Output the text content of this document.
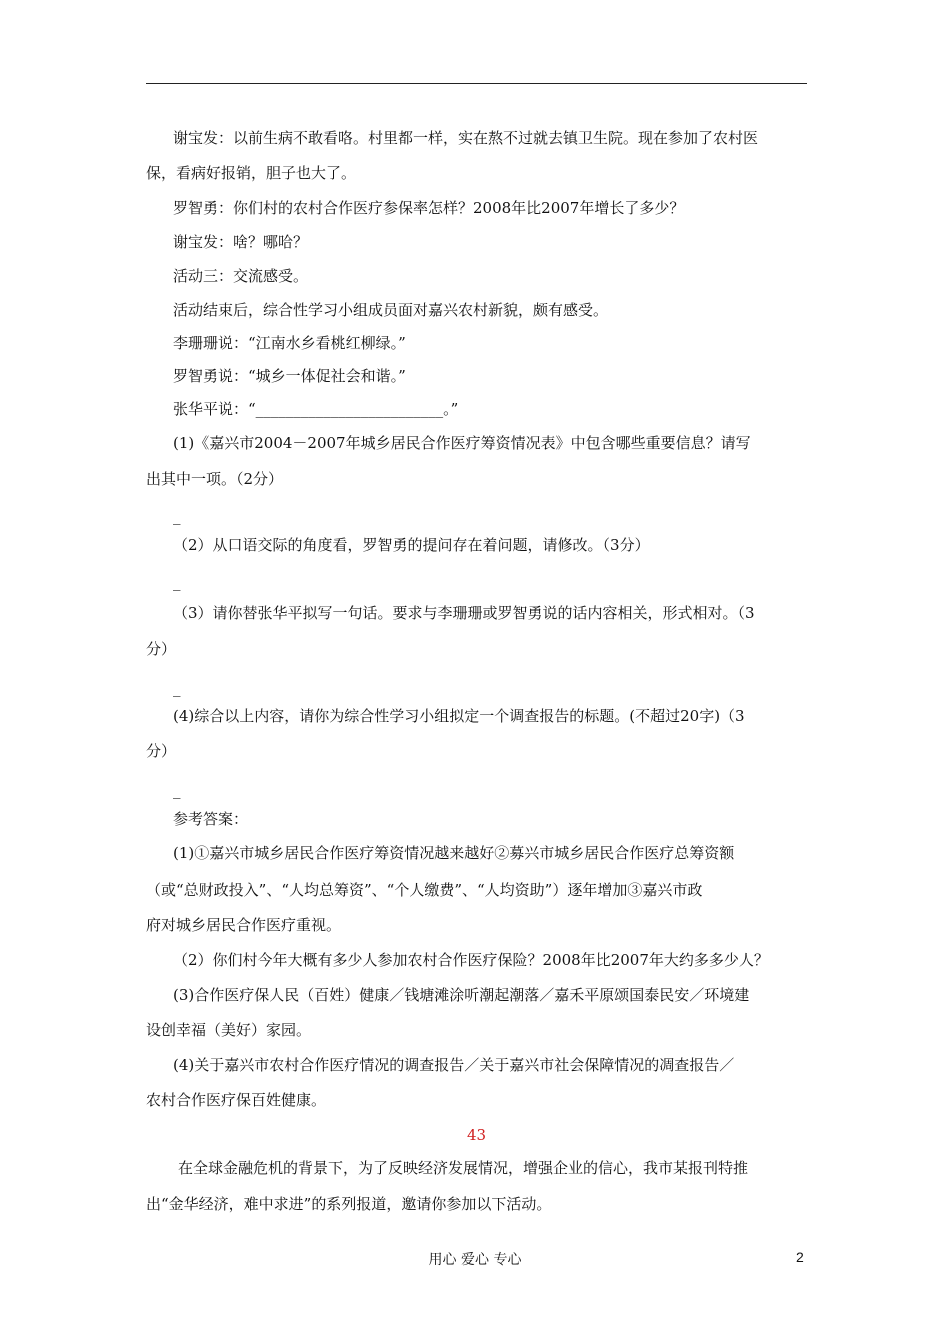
谢宝发：以前生病不敢看咯。村里都一样，实在熬不过就去镇卫生院。现在参加了农村医
保，看病好报销，胆子也大了。
罗智勇：你们村的农村合作医疗参保率怎样？2008年比2007年增长了多少？
谢宝发：啥？哪哈？
活动三：交流感受。
活动结束后，综合性学习小组成员面对嘉兴农村新貌，颇有感受。
李珊珊说：“江南水乡看桃红柳绿。”
罗智勇说：“城乡一体促社会和谐。”
张华平说：“_________________________。”
(1)《嘉兴市2004－2007年城乡居民合作医疗筹资情况表》中包含哪些重要信息？请写
出其中一项。（2分）
_
（2）从口语交际的角度看，罗智勇的提问存在着问题，请修改。（3分）
_
（3）请你替张华平拟写一句话。要求与李珊珊或罗智勇说的话内容相关，形式相对。（3
分）
_
(4)综合以上内容，请你为综合性学习小组拟定一个调查报告的标题。(不超过20字)（3
分）
_
参考答案：
(1)①嘉兴市城乡居民合作医疗筹资情况越来越好②募兴市城乡居民合作医疗总筹资额
（或“总财政投入”、“人均总筹资”、“个人缴费”、“人均资助”）逐年增加③嘉兴市政
府对城乡居民合作医疗重视。
（2）你们村今年大概有多少人参加农村合作医疗保险？2008年比2007年大约多多少人？
(3)合作医疗保人民（百姓）健康／钱塘滩涂听潮起潮落／嘉禾平原颂国泰民安／环境建
设创幸福（美好）家园。
(4)关于嘉兴市农村合作医疗情况的调查报告／关于嘉兴市社会保障情况的凋查报告／
农村合作医疗保百姓健康。
43
在全球金融危机的背景下，为了反映经济发展情况，增强企业的信心，我市某报刊特推
出“金华经济，难中求进”的系列报道，邀请你参加以下活动。
用心 爱心 专心	2
